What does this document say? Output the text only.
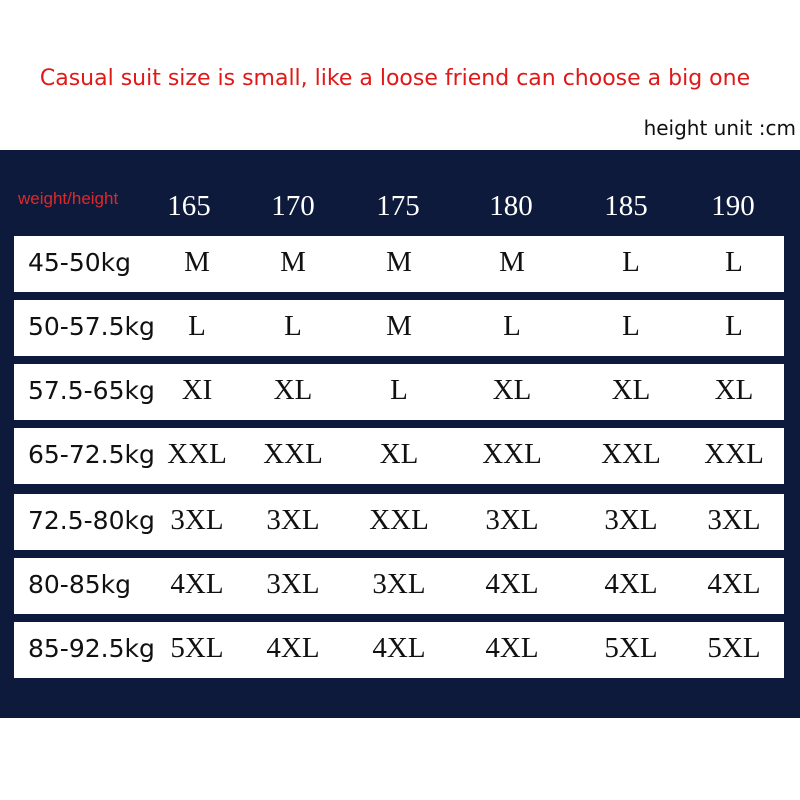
Casual suit size is small, like a loose friend can choose a big one
height unit :cm
weight/height	165	170	175	180	185	190
45-50kg	M	M	M	M	L	L
50-57.5kg	L	L	M	L	L	L
57.5-65kg XI	XL	L	XL	XL	XL
65-72.5kg XXL	XXL	XL	XXL	XXL	XXL
72.5-80kg 3XL	3XL	XXL	3XL	3XL	3XL
80-85kg	4XL	3XL	3XL	4XL	4XL	4XL
85-92.5kg 5XL	4XL	4XL	4XL	5XL	5XL
